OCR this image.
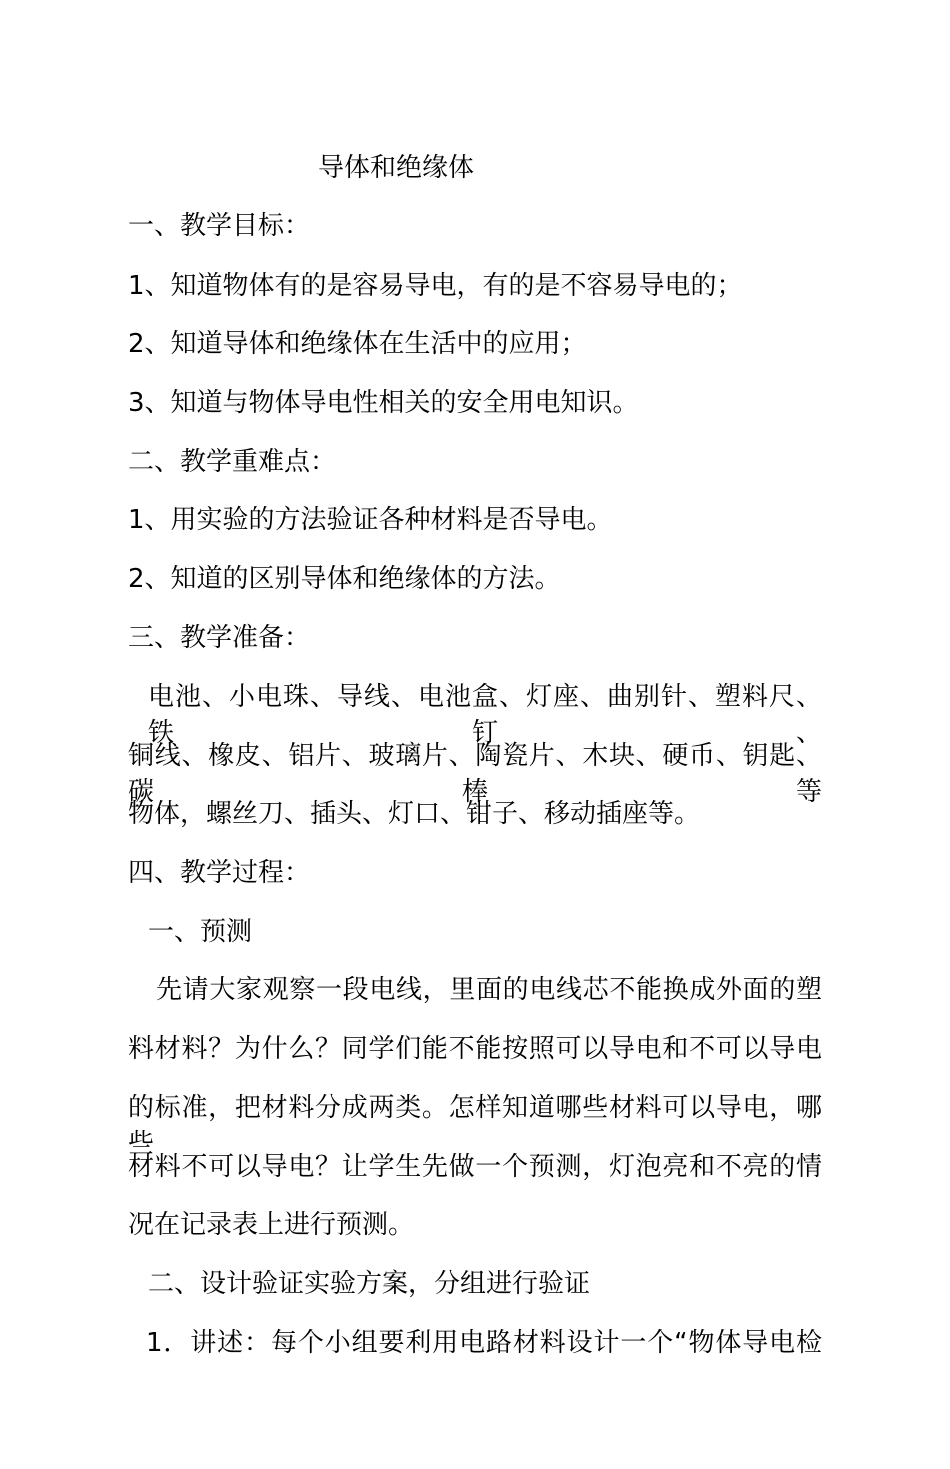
导体和绝缘体
一、教学目标：
1、知道物体有的是容易导电，有的是不容易导电的；
2、知道导体和绝缘体在生活中的应用；
3、知道与物体导电性相关的安全用电知识。
二、教学重难点：
1、用实验的方法验证各种材料是否导电。
2、知道的区别导体和绝缘体的方法。
三、教学准备：
电池、小电珠、导线、电池盒、灯座、曲别针、塑料尺、铁钉、
铜线、橡皮、铝片、玻璃片、陶瓷片、木块、硬币、钥匙、碳棒等
物体，螺丝刀、插头、灯口、钳子、移动插座等。
四、教学过程：
一、预测
先请大家观察一段电线，里面的电线芯不能换成外面的塑
料材料？为什么？同学们能不能按照可以导电和不可以导电
的标准，把材料分成两类。怎样知道哪些材料可以导电，哪些
材料不可以导电？让学生先做一个预测，灯泡亮和不亮的情
况在记录表上进行预测。
二、设计验证实验方案，分组进行验证
1．讲述：每个小组要利用电路材料设计一个“物体导电检
